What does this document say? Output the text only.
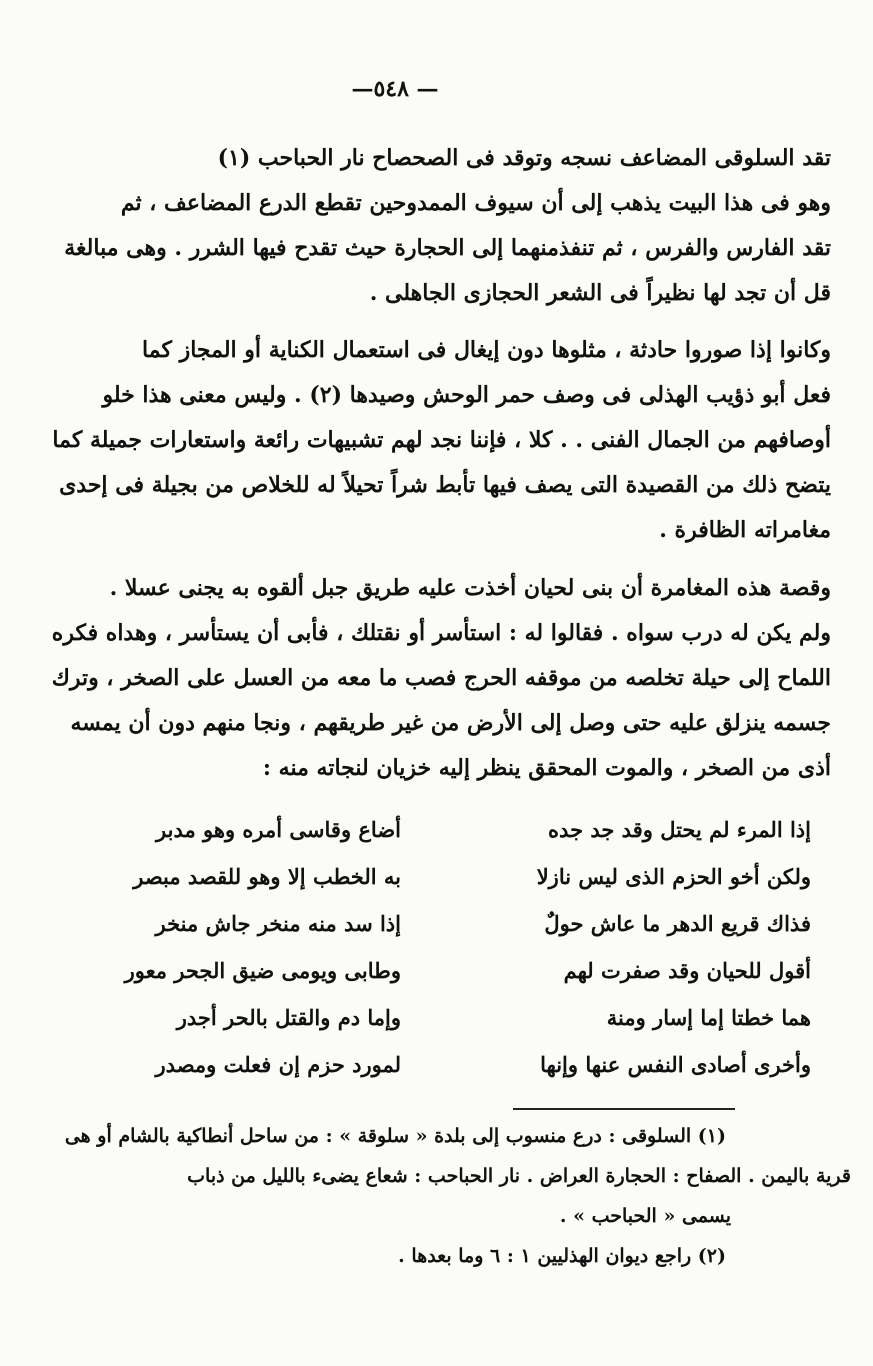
—٥٤٨ —
تقد السلوقى المضاعف نسجه وتوقد فى الصحصاح نار الحباحب (١)
وهو فى هذا البيت يذهب إلى أن سيوف الممدوحين تقطع الدرع المضاعف ، ثم
تقد الفارس والفرس ، ثم تنفذمنهما إلى الحجارة حيث تقدح فيها الشرر . وهى مبالغة
قل أن تجد لها نظيراً فى الشعر الحجازى الجاهلى .
وكانوا إذا صوروا حادثة ، مثلوها دون إيغال فى استعمال الكناية أو المجاز كما
فعل أبو ذؤيب الهذلى فى وصف حمر الوحش وصيدها (٢) . وليس معنى هذا خلو
أوصافهم من الجمال الفنى . . كلا ، فإننا نجد لهم تشبيهات رائعة واستعارات جميلة كما
يتضح ذلك من القصيدة التى يصف فيها تأبط شراً تحيلاً له للخلاص من بجيلة فى إحدى
مغامراته الظافرة .
وقصة هذه المغامرة أن بنى لحيان أخذت عليه طريق جبل ألقوه به يجنى عسلا .
ولم يكن له درب سواه . فقالوا له : استأسر أو نقتلك ، فأبى أن يستأسر ، وهداه فكره
اللماح إلى حيلة تخلصه من موقفه الحرج فصب ما معه من العسل على الصخر ، وترك
جسمه ينزلق عليه حتى وصل إلى الأرض من غير طريقهم ، ونجا منهم دون أن يمسه
أذى من الصخر ، والموت المحقق ينظر إليه خزيان لنجاته منه :
إذا المرء لم يحتل وقد جد جده
أضاع وقاسى أمره وهو مدبر
ولكن أخو الحزم الذى ليس نازلا
به الخطب إلا وهو للقصد مبصر
فذاك قريع الدهر ما عاش حولٌ
إذا سد منه منخر جاش منخر
أقول للحيان وقد صفرت لهم
وطابى ويومى ضيق الجحر معور
هما خطتا إما إسار ومنة
وإما دم والقتل بالحر أجدر
وأخرى أصادى النفس عنها وإنها
لمورد حزم إن فعلت ومصدر
(١) السلوقى : درع منسوب إلى بلدة « سلوقة » : من ساحل أنطاكية بالشام أو هى
قرية باليمن . الصفاح : الحجارة العراض . نار الحباحب : شعاع يضىء بالليل من ذباب
يسمى « الحباحب » .
(٢) راجع ديوان الهذليين ١ : ٦ وما بعدها .
